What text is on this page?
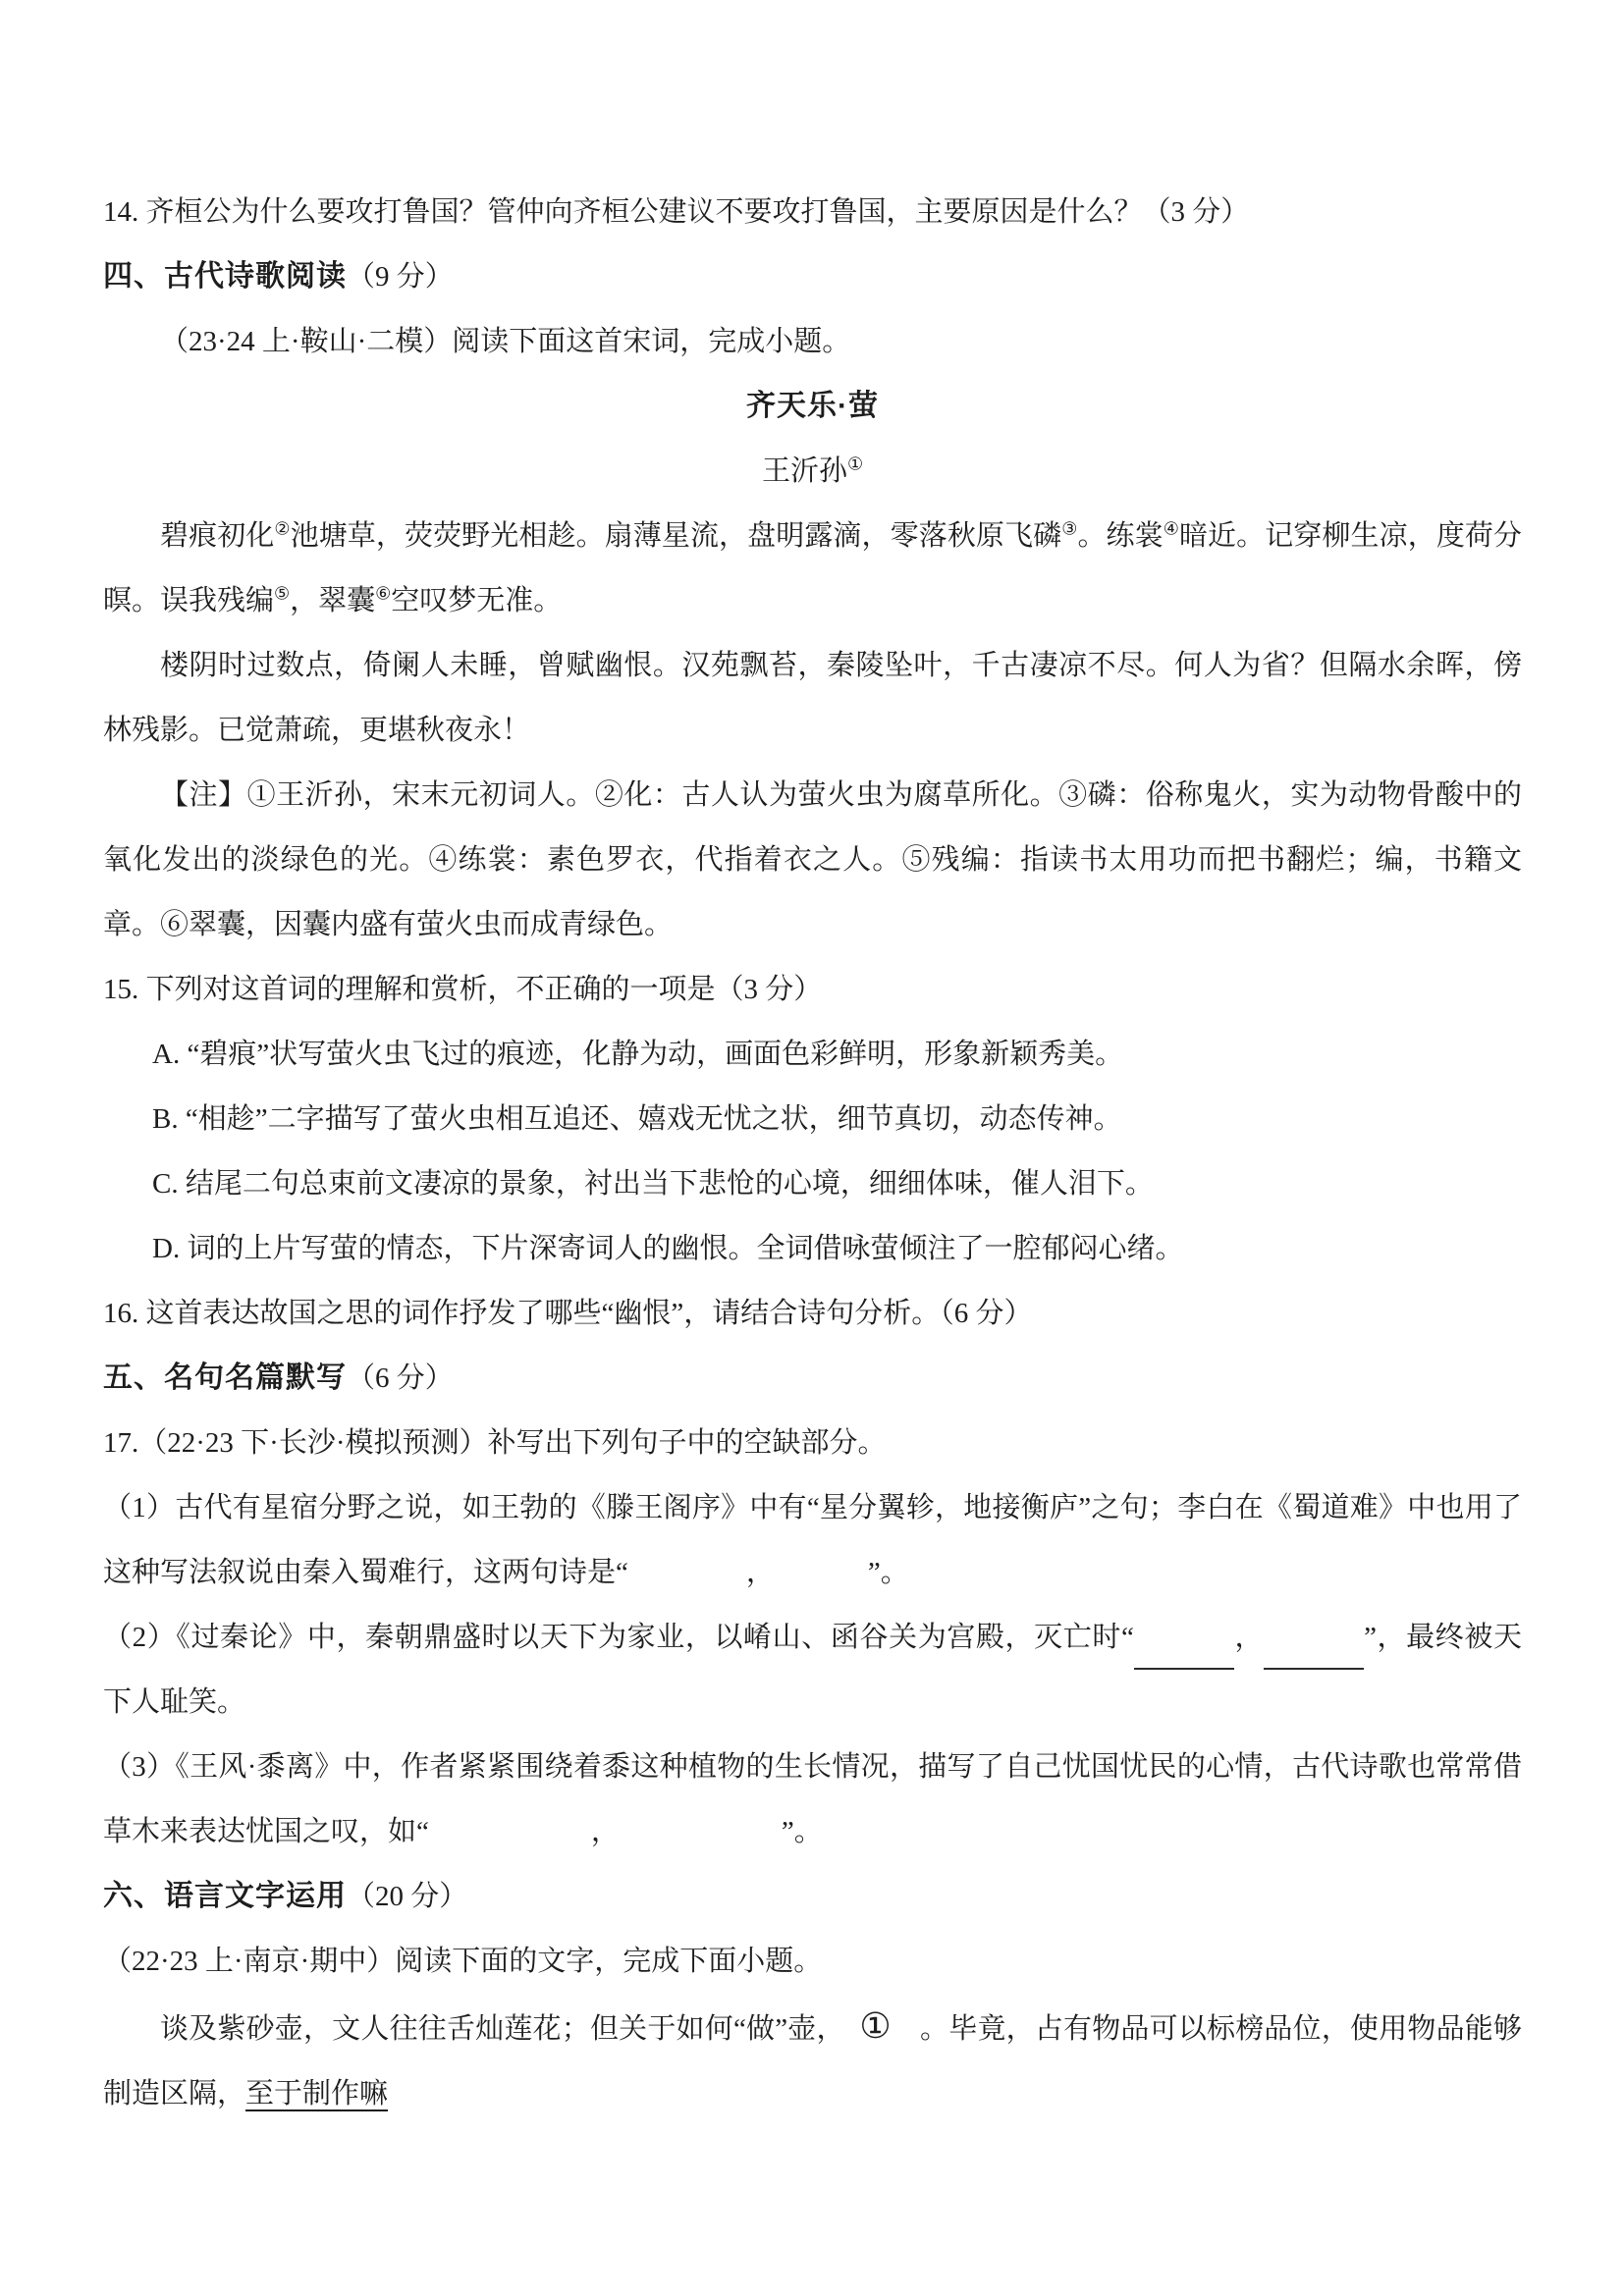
14. 齐桓公为什么要攻打鲁国？管仲向齐桓公建议不要攻打鲁国，主要原因是什么？（3 分）

四、古代诗歌阅读（9 分）

（23·24 上·鞍山·二模）阅读下面这首宋词，完成小题。

齐天乐·萤

王沂孙①

碧痕初化②池塘草，荧荧野光相趁。扇薄星流，盘明露滴，零落秋原飞磷③。练裳④暗近。记穿柳生凉，度荷分暝。误我残编⑤，翠囊⑥空叹梦无准。

楼阴时过数点，倚阑人未睡，曾赋幽恨。汉苑飘苔，秦陵坠叶，千古凄凉不尽。何人为省？但隔水余晖，傍林残影。已觉萧疏，更堪秋夜永！

【注】①王沂孙，宋末元初词人。②化：古人认为萤火虫为腐草所化。③磷：俗称鬼火，实为动物骨酸中的氧化发出的淡绿色的光。④练裳：素色罗衣，代指着衣之人。⑤残编：指读书太用功而把书翻烂；编，书籍文章。⑥翠囊，因囊内盛有萤火虫而成青绿色。

15. 下列对这首词的理解和赏析，不正确的一项是（3 分）

A. “碧痕”状写萤火虫飞过的痕迹，化静为动，画面色彩鲜明，形象新颖秀美。

B. “相趁”二字描写了萤火虫相互追还、嬉戏无忧之状，细节真切，动态传神。

C. 结尾二句总束前文凄凉的景象，衬出当下悲怆的心境，细细体味，催人泪下。

D. 词的上片写萤的情态，下片深寄词人的幽恨。全词借咏萤倾注了一腔郁闷心绪。

16. 这首表达故国之思的词作抒发了哪些“幽恨”，请结合诗句分析。（6 分）

五、名句名篇默写（6 分）

17.（22·23 下·长沙·模拟预测）补写出下列句子中的空缺部分。

（1）古代有星宿分野之说，如王勃的《滕王阁序》中有“星分翼轸，地接衡庐”之句；李白在《蜀道难》中也用了这种写法叙说由秦入蜀难行，这两句诗是“	，	”。

（2）《过秦论》中，秦朝鼎盛时以天下为家业，以崤山、函谷关为宫殿，灭亡时“	，	”，最终被天下人耻笑。

（3）《王风·黍离》中，作者紧紧围绕着黍这种植物的生长情况，描写了自己忧国忧民的心情，古代诗歌也常常借草木来表达忧国之叹，如“	，	”。

六、语言文字运用（20 分）

（22·23 上·南京·期中）阅读下面的文字，完成下面小题。

谈及紫砂壶，文人往往舌灿莲花；但关于如何“做”壶，　①　。毕竟，占有物品可以标榜品位，使用物品能够制造区隔，至于制作嘛
